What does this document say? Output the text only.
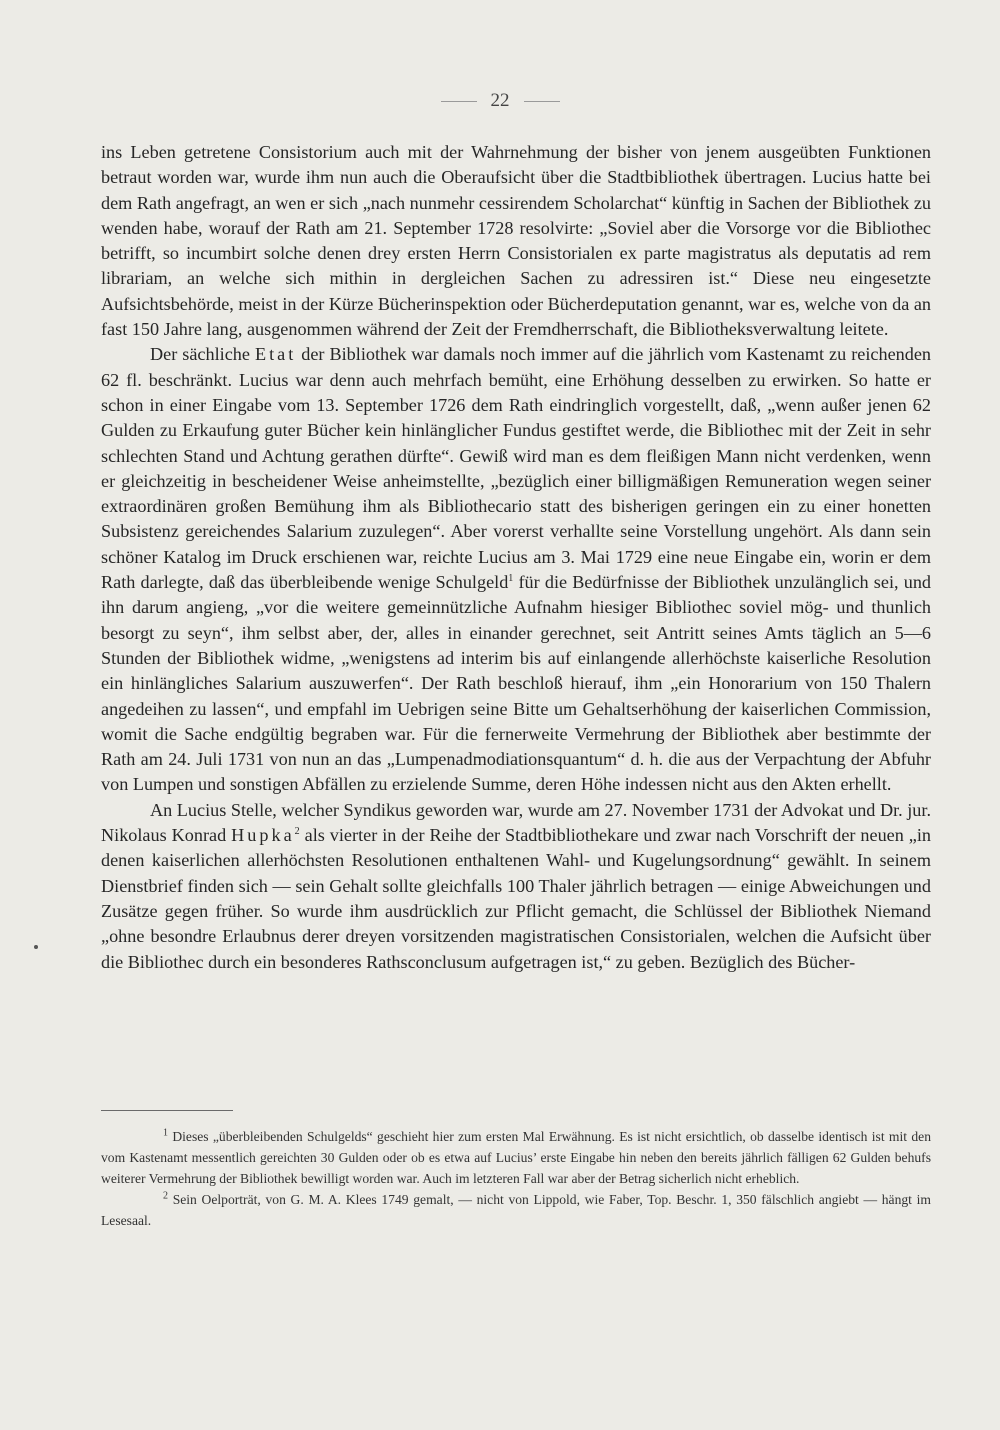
22

ins Leben getretene Consistorium auch mit der Wahrnehmung der bisher von jenem ausgeübten Funktionen betraut worden war, wurde ihm nun auch die Oberaufsicht über die Stadtbibliothek übertragen. Lucius hatte bei dem Rath angefragt, an wen er sich „nach nunmehr cessirendem Scholarchat“ künftig in Sachen der Bibliothek zu wenden habe, worauf der Rath am 21. September 1728 resolvirte: „Soviel aber die Vorsorge vor die Bibliothec betrifft, so incumbirt solche denen drey ersten Herrn Consistorialen ex parte magistratus als deputatis ad rem librariam, an welche sich mithin in dergleichen Sachen zu adressiren ist.“ Diese neu eingesetzte Aufsichtsbehörde, meist in der Kürze Bücherinspektion oder Bücherdeputation genannt, war es, welche von da an fast 150 Jahre lang, ausgenommen während der Zeit der Fremdherrschaft, die Bibliotheksverwaltung leitete.

Der sächliche Etat der Bibliothek war damals noch immer auf die jährlich vom Kastenamt zu reichenden 62 fl. beschränkt. Lucius war denn auch mehrfach bemüht, eine Erhöhung desselben zu erwirken. So hatte er schon in einer Eingabe vom 13. September 1726 dem Rath eindringlich vorgestellt, daß, „wenn außer jenen 62 Gulden zu Erkaufung guter Bücher kein hinlänglicher Fundus gestiftet werde, die Bibliothec mit der Zeit in sehr schlechten Stand und Achtung gerathen dürfte“. Gewiß wird man es dem fleißigen Mann nicht verdenken, wenn er gleichzeitig in bescheidener Weise anheimstellte, „bezüglich einer billigmäßigen Remuneration wegen seiner extraordinären großen Bemühung ihm als Bibliothecario statt des bisherigen geringen ein zu einer honetten Subsistenz gereichendes Salarium zuzulegen“. Aber vorerst verhallte seine Vorstellung ungehört. Als dann sein schöner Katalog im Druck erschienen war, reichte Lucius am 3. Mai 1729 eine neue Eingabe ein, worin er dem Rath darlegte, daß das überbleibende wenige Schulgeld$^1$ für die Bedürfnisse der Bibliothek unzulänglich sei, und ihn darum angieng, „vor die weitere gemeinnützliche Aufnahm hiesiger Bibliothec soviel mög- und thunlich besorgt zu seyn“, ihm selbst aber, der, alles in einander gerechnet, seit Antritt seines Amts täglich an 5—6 Stunden der Bibliothek widme, „wenigstens ad interim bis auf einlangende allerhöchste kaiserliche Resolution ein hinlängliches Salarium auszuwerfen“. Der Rath beschloß hierauf, ihm „ein Honorarium von 150 Thalern angedeihen zu lassen“, und empfahl im Uebrigen seine Bitte um Gehaltserhöhung der kaiserlichen Commission, womit die Sache endgültig begraben war. Für die fernerweite Vermehrung der Bibliothek aber bestimmte der Rath am 24. Juli 1731 von nun an das „Lumpenadmodiationsquantum“ d. h. die aus der Verpachtung der Abfuhr von Lumpen und sonstigen Abfällen zu erzielende Summe, deren Höhe indessen nicht aus den Akten erhellt.

An Lucius Stelle, welcher Syndikus geworden war, wurde am 27. November 1731 der Advokat und Dr. jur. Nikolaus Konrad Hupka$^2$ als vierter in der Reihe der Stadtbibliothekare und zwar nach Vorschrift der neuen „in denen kaiserlichen allerhöchsten Resolutionen enthaltenen Wahl- und Kugelungsordnung“ gewählt. In seinem Dienstbrief finden sich — sein Gehalt sollte gleichfalls 100 Thaler jährlich betragen — einige Abweichungen und Zusätze gegen früher. So wurde ihm ausdrücklich zur Pflicht gemacht, die Schlüssel der Bibliothek Niemand „ohne besondre Erlaubnus derer dreyen vorsitzenden magistratischen Consistorialen, welchen die Aufsicht über die Bibliothec durch ein besonderes Rathsconclusum aufgetragen ist,“ zu geben. Bezüglich des Bücher-

$^1$ Dieses „überbleibenden Schulgelds“ geschieht hier zum ersten Mal Erwähnung. Es ist nicht ersichtlich, ob dasselbe identisch ist mit den vom Kastenamt messentlich gereichten 30 Gulden oder ob es etwa auf Lucius’ erste Eingabe hin neben den bereits jährlich fälligen 62 Gulden behufs weiterer Vermehrung der Bibliothek bewilligt worden war. Auch im letzteren Fall war aber der Betrag sicherlich nicht erheblich.

$^2$ Sein Oelporträt, von G. M. A. Klees 1749 gemalt, — nicht von Lippold, wie Faber, Top. Beschr. 1, 350 fälschlich angiebt — hängt im Lesesaal.
